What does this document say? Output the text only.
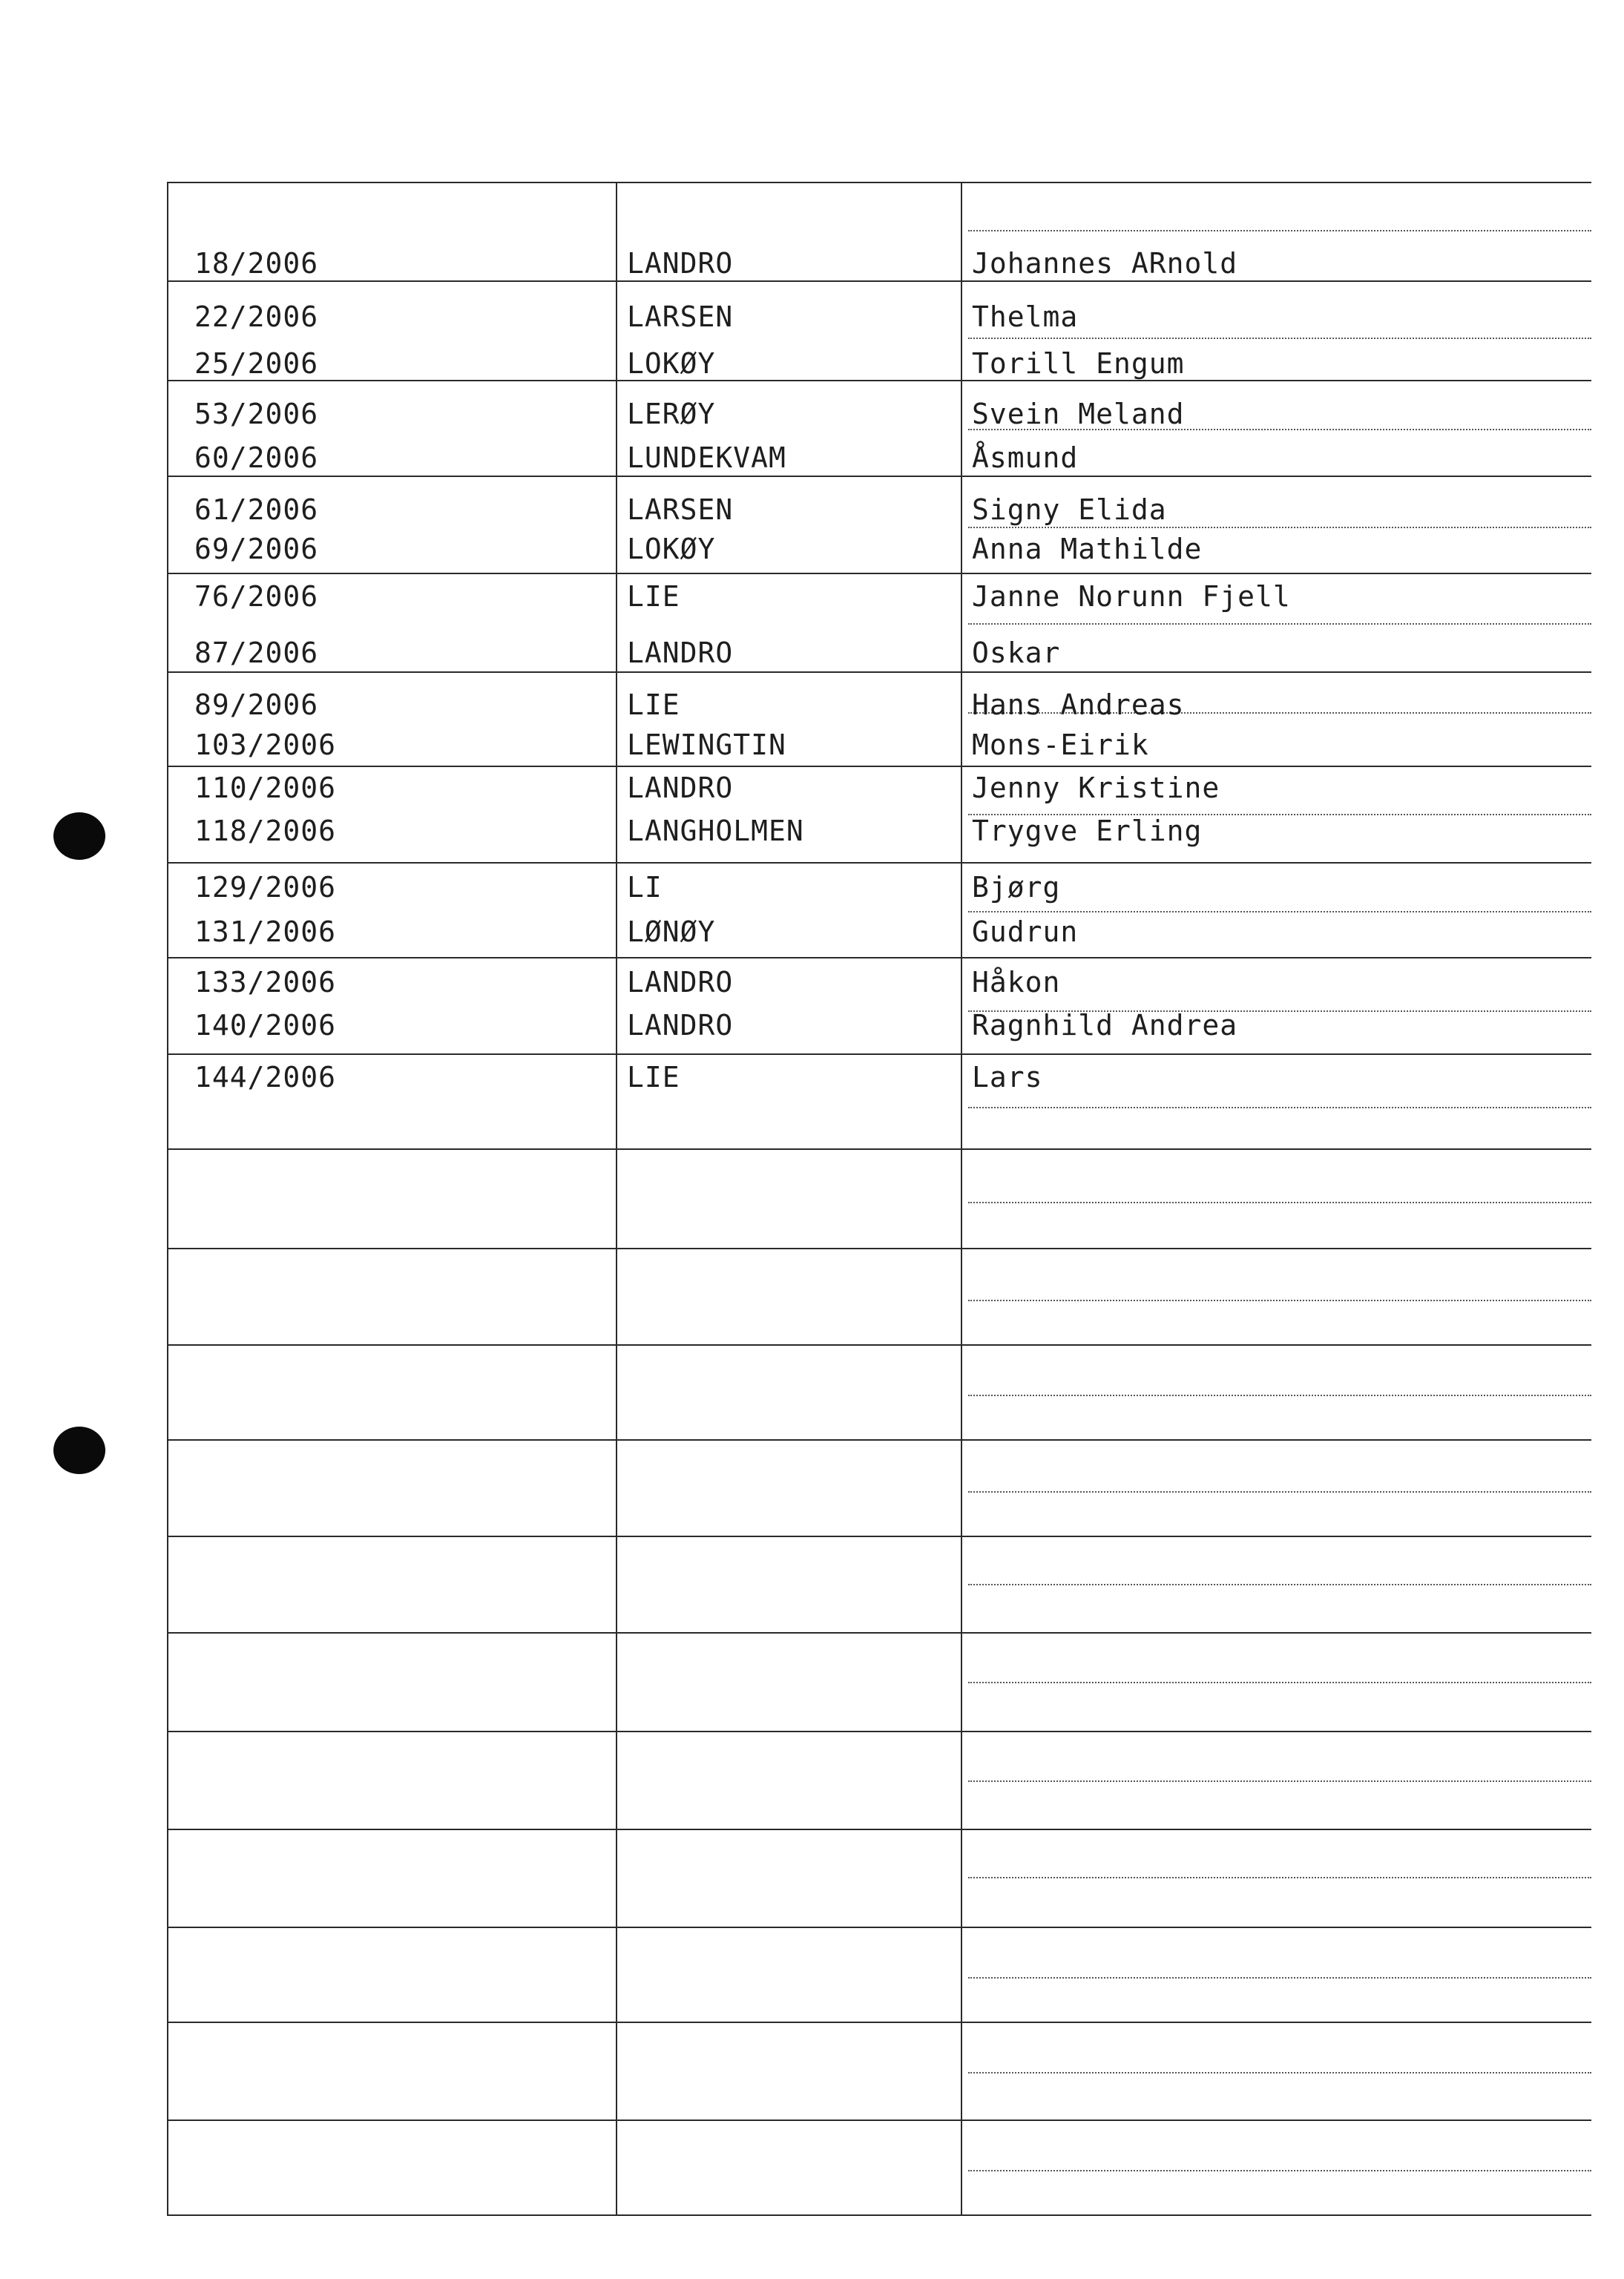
18/2006	LANDRO	Johannes ARnold
22/2006	LARSEN	Thelma
25/2006	LOKØY	Torill Engum
53/2006	LERØY	Svein Meland
60/2006	LUNDEKVAM	Åsmund
61/2006	LARSEN	Signy Elida
69/2006	LOKØY	Anna Mathilde
76/2006	LIE	Janne Norunn Fjell
87/2006	LANDRO	Oskar
89/2006	LIE	Hans Andreas
103/2006	LEWINGTIN	Mons-Eirik
110/2006	LANDRO	Jenny Kristine
118/2006	LANGHOLMEN	Trygve Erling
129/2006	LI	Bjørg
131/2006	LØNØY	Gudrun
133/2006	LANDRO	Håkon
140/2006	LANDRO	Ragnhild Andrea
144/2006	LIE	Lars
